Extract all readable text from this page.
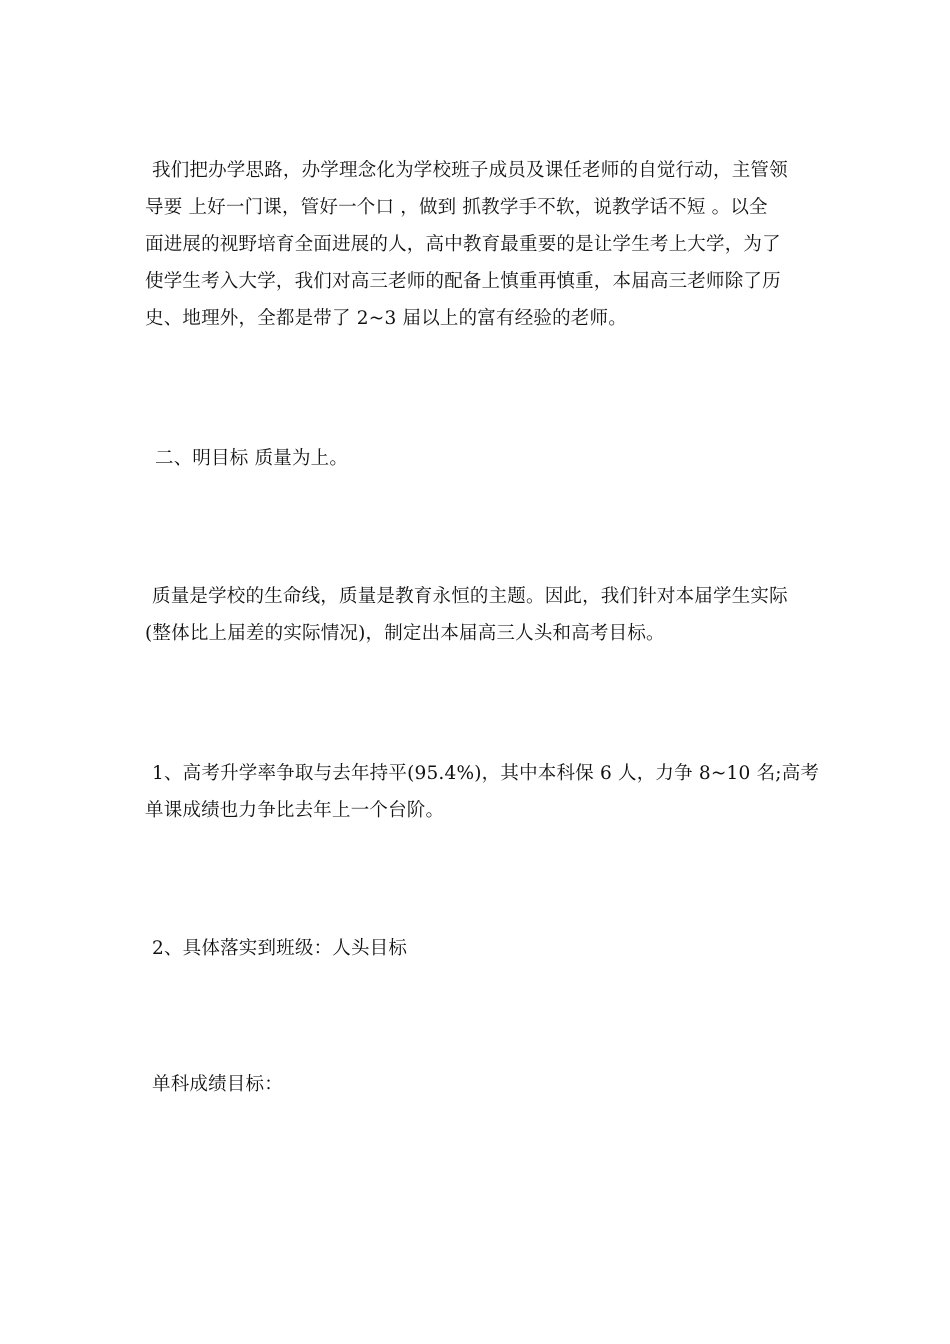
我们把办学思路，办学理念化为学校班子成员及课任老师的自觉行动，主管领
导要 上好一门课，管好一个口 ，做到 抓教学手不软，说教学话不短 。以全
面进展的视野培育全面进展的人，高中教育最重要的是让学生考上大学，为了
使学生考入大学，我们对高三老师的配备上慎重再慎重，本届高三老师除了历
史、地理外，全都是带了 2~3 届以上的富有经验的老师。

二、明目标 质量为上。

质量是学校的生命线，质量是教育永恒的主题。因此，我们针对本届学生实际
(整体比上届差的实际情况)，制定出本届高三人头和高考目标。

1、高考升学率争取与去年持平(95.4%)，其中本科保 6 人，力争 8~10 名;高考
单课成绩也力争比去年上一个台阶。

2、具体落实到班级：人头目标

单科成绩目标：
